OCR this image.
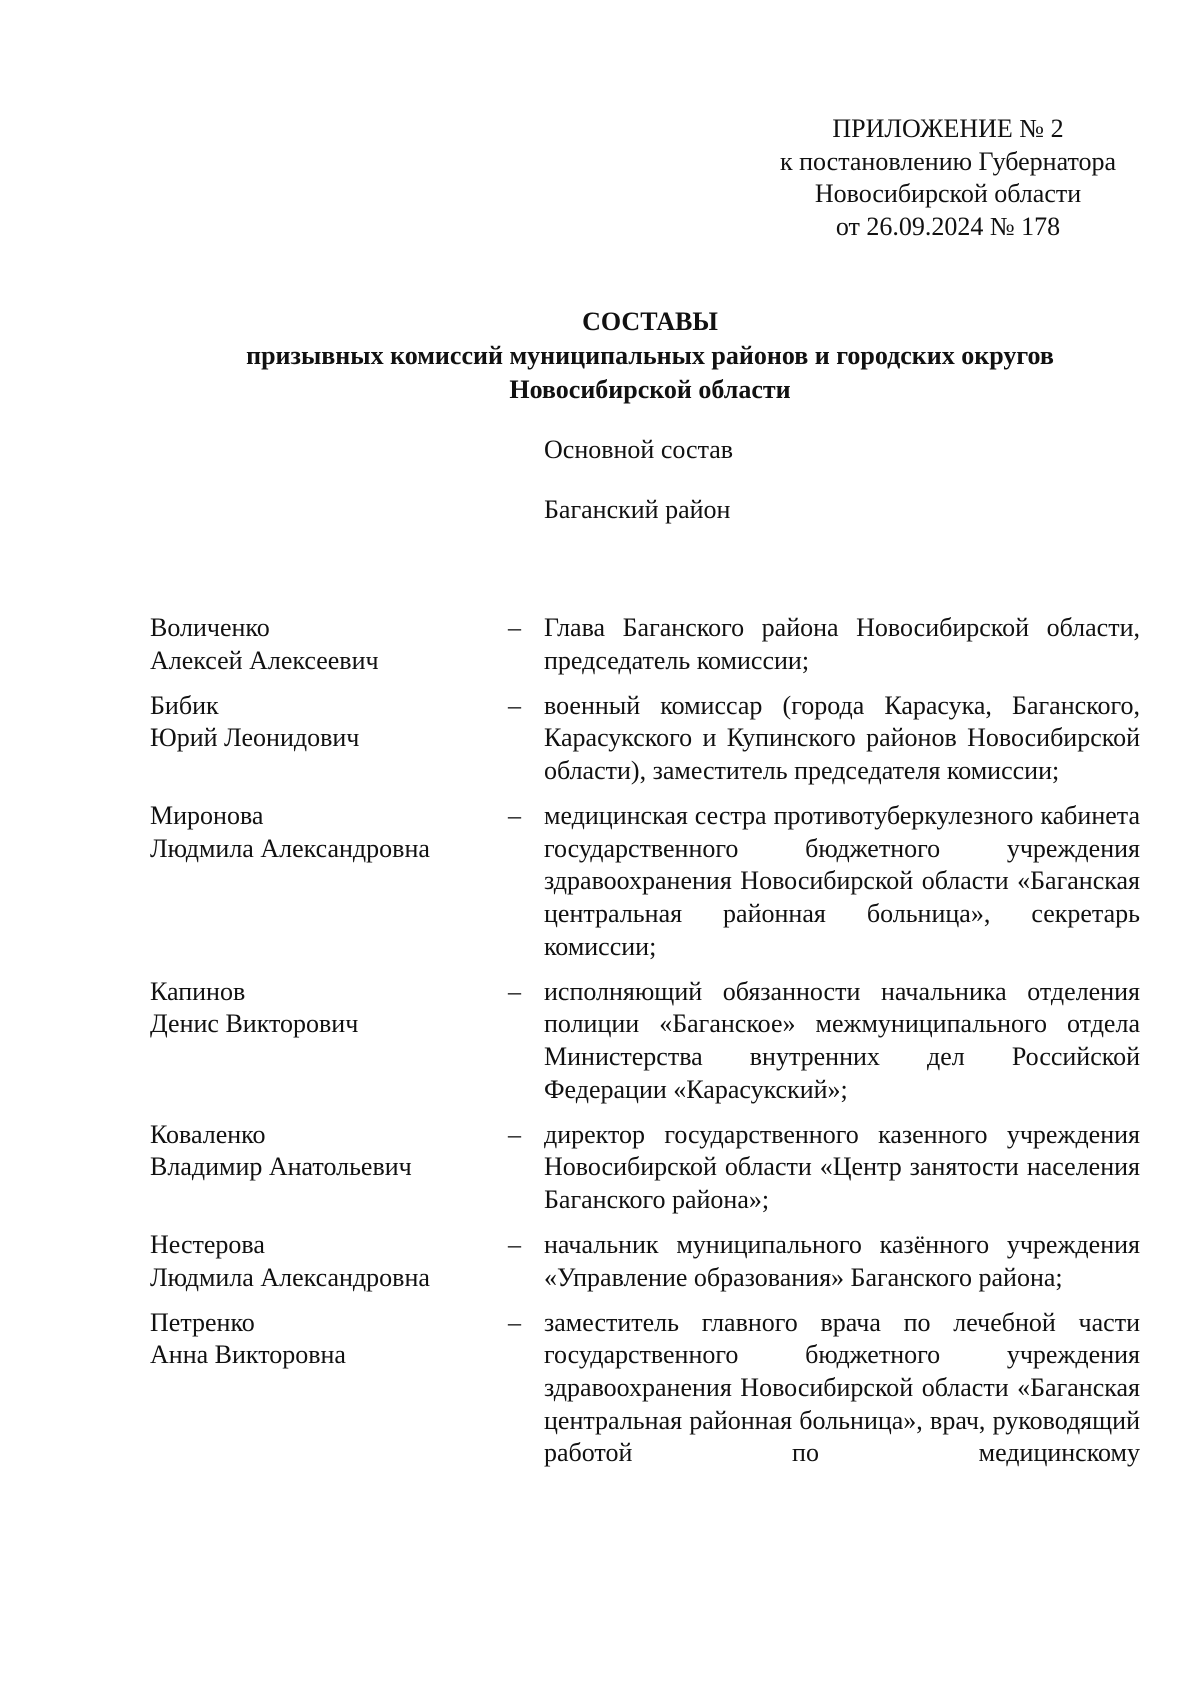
ПРИЛОЖЕНИЕ № 2
к постановлению Губернатора
Новосибирской области
от 26.09.2024 № 178
СОСТАВЫ
призывных комиссий муниципальных районов и городских округов
Новосибирской области
Основной состав
Баганский район
Воличенко
Алексей Алексеевич
– Глава Баганского района Новосибирской области, председатель комиссии;
Бибик
Юрий Леонидович
– военный комиссар (города Карасука, Баганского, Карасукского и Купинского районов Новосибирской области), заместитель председателя комиссии;
Миронова
Людмила Александровна
– медицинская сестра противотуберкулезного кабинета государственного бюджетного учреждения здравоохранения Новосибирской области «Баганская центральная районная больница», секретарь комиссии;
Капинов
Денис Викторович
– исполняющий обязанности начальника отделения полиции «Баганское» межмуниципального отдела Министерства внутренних дел Российской Федерации «Карасукский»;
Коваленко
Владимир Анатольевич
– директор государственного казенного учреждения Новосибирской области «Центр занятости населения Баганского района»;
Нестерова
Людмила Александровна
– начальник муниципального казённого учреждения «Управление образования» Баганского района;
Петренко
Анна Викторовна
– заместитель главного врача по лечебной части государственного бюджетного учреждения здравоохранения Новосибирской области «Баганская центральная районная больница», врач, руководящий работой по медицинскому
